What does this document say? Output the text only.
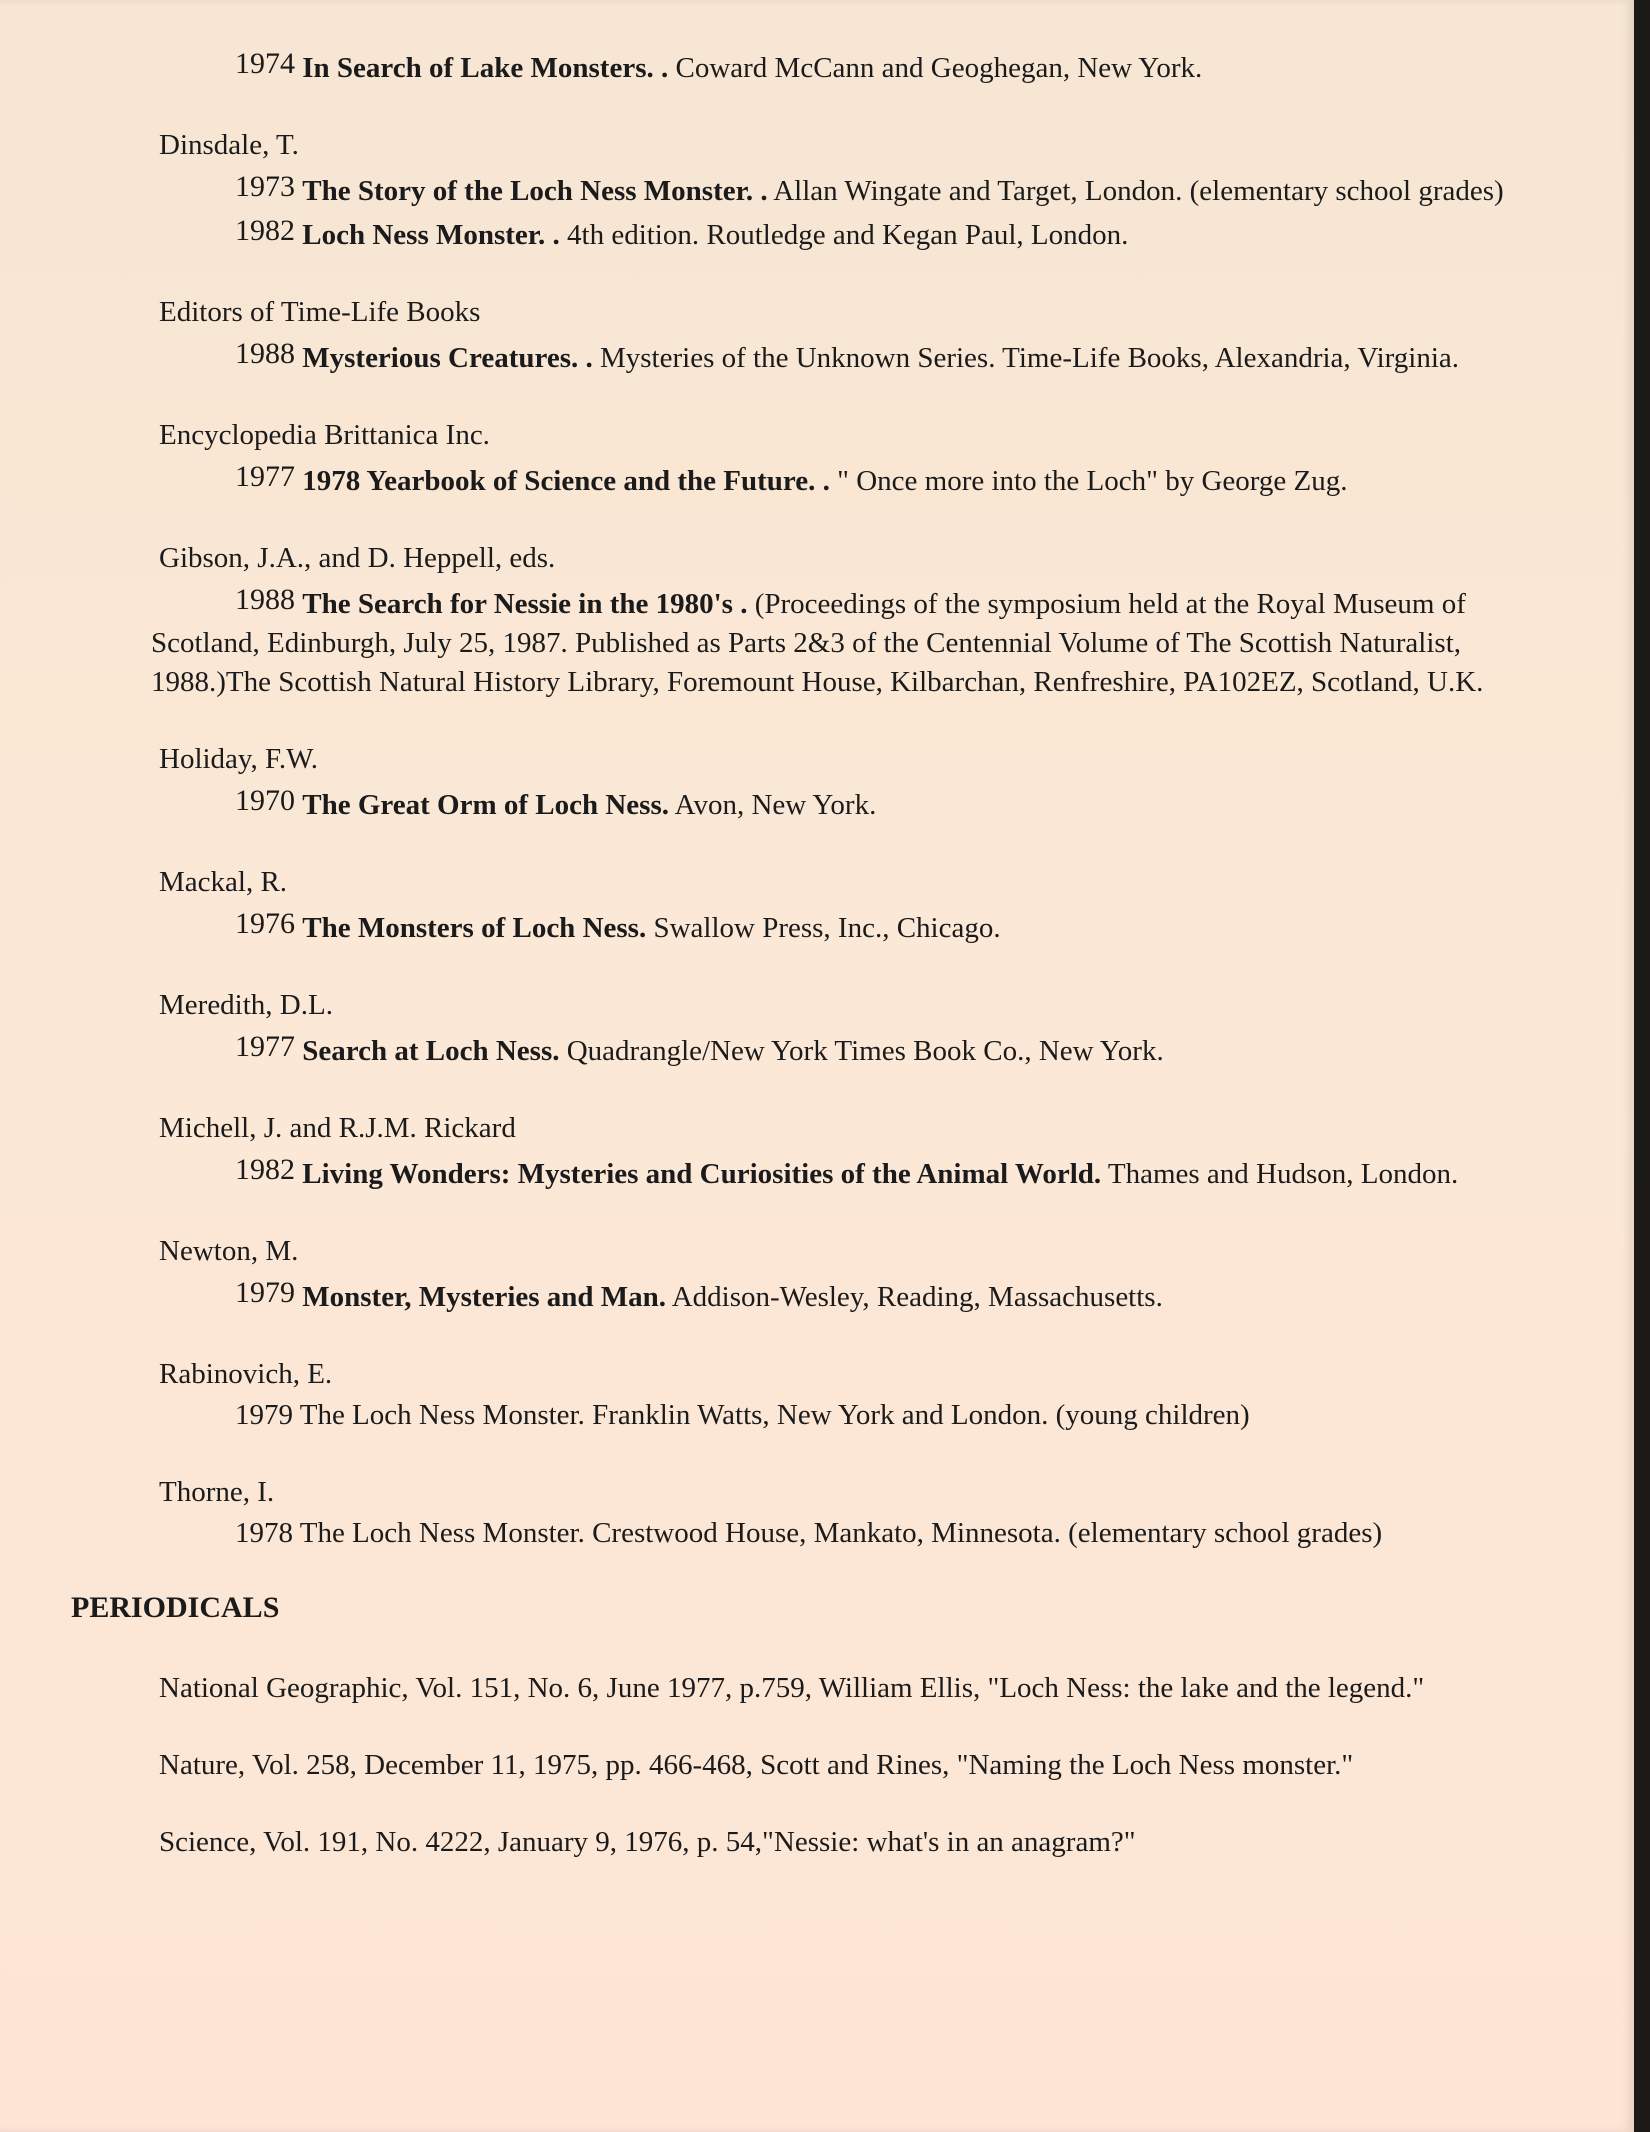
1974 In Search of Lake Monsters. . Coward McCann and Geoghegan, New York.
Dinsdale, T.
1973 The Story of the Loch Ness Monster. . Allan Wingate and Target, London. (elementary school grades)
1982 Loch Ness Monster. . 4th edition. Routledge and Kegan Paul, London.
Editors of Time-Life Books
1988 Mysterious Creatures. . Mysteries of the Unknown Series. Time-Life Books, Alexandria, Virginia.
Encyclopedia Brittanica Inc.
1977 1978 Yearbook of Science and the Future. . " Once more into the Loch" by George Zug.
Gibson, J.A., and D. Heppell, eds.
1988 The Search for Nessie in the 1980's . (Proceedings of the symposium held at the Royal Museum of Scotland, Edinburgh, July 25, 1987. Published as Parts 2&3 of the Centennial Volume of The Scottish Naturalist, 1988.)The Scottish Natural History Library, Foremount House, Kilbarchan, Renfreshire, PA102EZ, Scotland, U.K.
Holiday, F.W.
1970 The Great Orm of Loch Ness. Avon, New York.
Mackal, R.
1976 The Monsters of Loch Ness. Swallow Press, Inc., Chicago.
Meredith, D.L.
1977 Search at Loch Ness. Quadrangle/New York Times Book Co., New York.
Michell, J. and R.J.M. Rickard
1982 Living Wonders: Mysteries and Curiosities of the Animal World. Thames and Hudson, London.
Newton, M.
1979 Monster, Mysteries and Man. Addison-Wesley, Reading, Massachusetts.
Rabinovich, E.
1979 The Loch Ness Monster. Franklin Watts, New York and London. (young children)
Thorne, I.
1978 The Loch Ness Monster. Crestwood House, Mankato, Minnesota. (elementary school grades)
PERIODICALS
National Geographic, Vol. 151, No. 6, June 1977, p.759, William Ellis, "Loch Ness: the lake and the legend."
Nature, Vol. 258, December 11, 1975, pp. 466-468, Scott and Rines, "Naming the Loch Ness monster."
Science, Vol. 191, No. 4222, January 9, 1976, p. 54,"Nessie: what's in an anagram?"
